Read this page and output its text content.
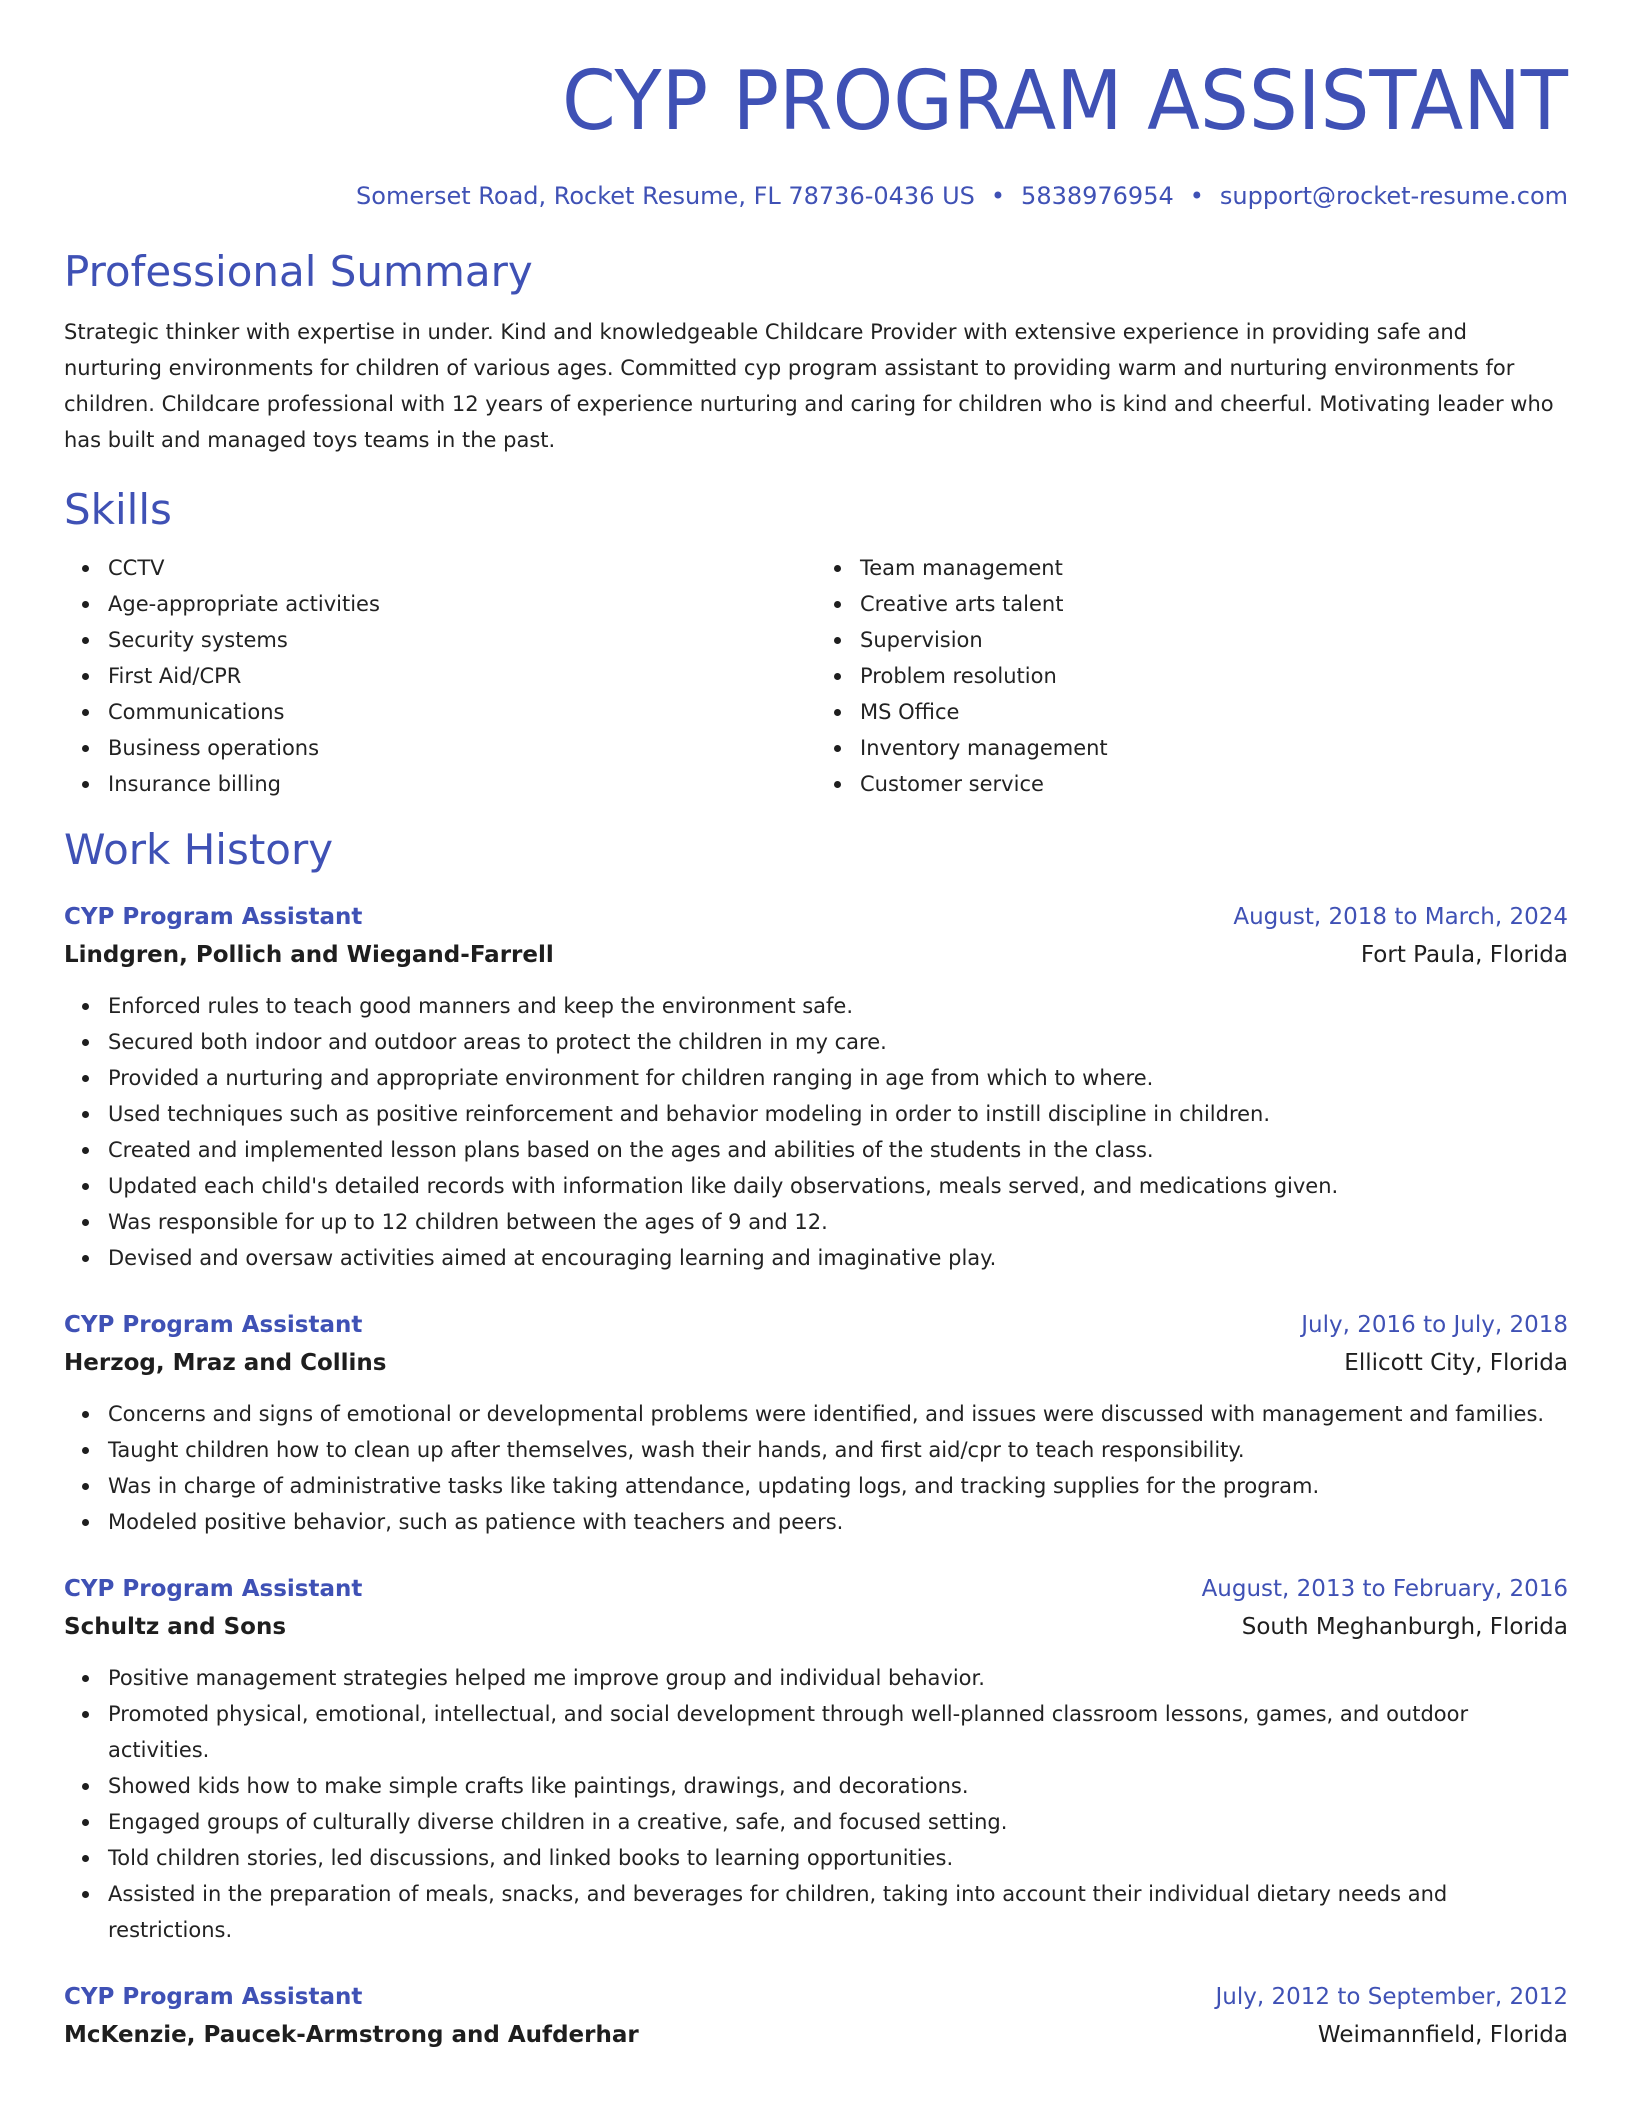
CYP PROGRAM ASSISTANT
Somerset Road, Rocket Resume, FL 78736-0436 US • 5838976954 • support@rocket-resume.com
Professional Summary

Strategic thinker with expertise in under. Kind and knowledgeable Childcare Provider with extensive experience in providing safe and nurturing environments for children of various ages. Committed cyp program assistant to providing warm and nurturing environments for children. Childcare professional with 12 years of experience nurturing and caring for children who is kind and cheerful. Motivating leader who has built and managed toys teams in the past.

Skills
CCTV
Age-appropriate activities
Security systems
First Aid/CPR
Communications
Business operations
Insurance billing
Team management
Creative arts talent
Supervision
Problem resolution
MS Office
Inventory management
Customer service
Work History
CYP Program Assistant	August, 2018 to March, 2024
Lindgren, Pollich and Wiegand-Farrell	Fort Paula, Florida
Enforced rules to teach good manners and keep the environment safe.
Secured both indoor and outdoor areas to protect the children in my care.
Provided a nurturing and appropriate environment for children ranging in age from which to where.
Used techniques such as positive reinforcement and behavior modeling in order to instill discipline in children.
Created and implemented lesson plans based on the ages and abilities of the students in the class.
Updated each child's detailed records with information like daily observations, meals served, and medications given.
Was responsible for up to 12 children between the ages of 9 and 12.
Devised and oversaw activities aimed at encouraging learning and imaginative play.
CYP Program Assistant	July, 2016 to July, 2018
Herzog, Mraz and Collins	Ellicott City, Florida
Concerns and signs of emotional or developmental problems were identified, and issues were discussed with management and families.
Taught children how to clean up after themselves, wash their hands, and first aid/cpr to teach responsibility.
Was in charge of administrative tasks like taking attendance, updating logs, and tracking supplies for the program.
Modeled positive behavior, such as patience with teachers and peers.
CYP Program Assistant	August, 2013 to February, 2016
Schultz and Sons	South Meghanburgh, Florida
Positive management strategies helped me improve group and individual behavior.
Promoted physical, emotional, intellectual, and social development through well-planned classroom lessons, games, and outdoor activities.
Showed kids how to make simple crafts like paintings, drawings, and decorations.
Engaged groups of culturally diverse children in a creative, safe, and focused setting.
Told children stories, led discussions, and linked books to learning opportunities.
Assisted in the preparation of meals, snacks, and beverages for children, taking into account their individual dietary needs and restrictions.
CYP Program Assistant	July, 2012 to September, 2012
McKenzie, Paucek-Armstrong and Aufderhar	Weimannfield, Florida
